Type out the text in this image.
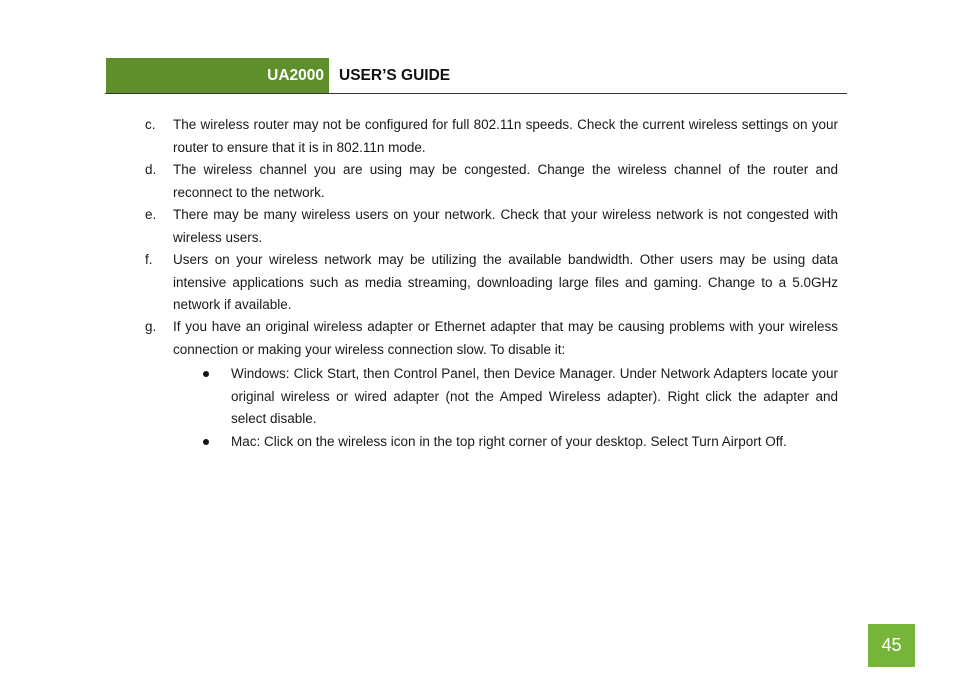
UA2000 USER’S GUIDE
c. The wireless router may not be configured for full 802.11n speeds. Check the current wireless settings on your router to ensure that it is in 802.11n mode.
d. The wireless channel you are using may be congested. Change the wireless channel of the router and reconnect to the network.
e. There may be many wireless users on your network. Check that your wireless network is not congested with wireless users.
f. Users on your wireless network may be utilizing the available bandwidth. Other users may be using data intensive applications such as media streaming, downloading large files and gaming. Change to a 5.0GHz network if available.
g. If you have an original wireless adapter or Ethernet adapter that may be causing problems with your wireless connection or making your wireless connection slow. To disable it:
Windows: Click Start, then Control Panel, then Device Manager. Under Network Adapters locate your original wireless or wired adapter (not the Amped Wireless adapter). Right click the adapter and select disable.
Mac: Click on the wireless icon in the top right corner of your desktop. Select Turn Airport Off.
45
